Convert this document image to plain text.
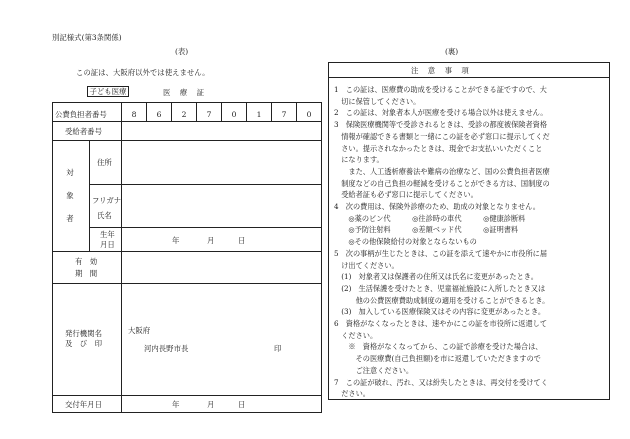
別記様式(第3条関係)
(表)	(裏)
この証は、大阪府以外では使えません。
子ども医療	医　療　証
公費負担者番号	8	6	2	7	0	1	7	0
受給者番号
対
象
者
住所
フリガナ
氏名
生年
月日	年	月	日
有　効
期　間
発行機関名
及　び　印
大阪府
河内長野市長	印
交付年月日	年	月	日
注　意　事　項
1　この証は、医療費の助成を受けることができる証ですので、大
　切に保管してください。
2　この証は、対象者本人が医療を受ける場合以外は使えません。
3　保険医療機関等で受診されるときは、受診の都度被保険者資格
　情報が確認できる書類と一緒にこの証を必ず窓口に提示してくだ
　さい。提示されなかったときは、現金でお支払いいただくこと
　になります。
　　また、人工透析療養法や難病の治療など、国の公費負担者医療
　制度などの自己負担の軽減を受けることができる方は、国制度の
　受給者証も必ず窓口に提示してください。
4　次の費用は、保険外診療のため、助成の対象となりません。
　　◎薬のビン代　　　◎往診時の車代　　　◎健康診断料
　　◎予防注射料　　　◎差額ベッド代　　　◎証明書料
　　◎その他保険給付の対象とならないもの
5　次の事柄が生じたときは、この証を添えて速やかに市役所に届
　け出てください。
　(1)　対象者又は保護者の住所又は氏名に変更があったとき。
　(2)　生活保護を受けたとき、児童福祉施設に入所したとき又は
　　　他の公費医療費助成制度の適用を受けることができるとき。
　(3)　加入している医療保険又はその内容に変更があったとき。
6　資格がなくなったときは、速やかにこの証を市役所に返還して
　ください。
　　※　資格がなくなってから、この証で診療を受けた場合は、
　　　その医療費(自己負担額)を市に返還していただきますので
　　　ご注意ください。
7　この証が破れ、汚れ、又は紛失したときは、再交付を受けてく
　ださい。
